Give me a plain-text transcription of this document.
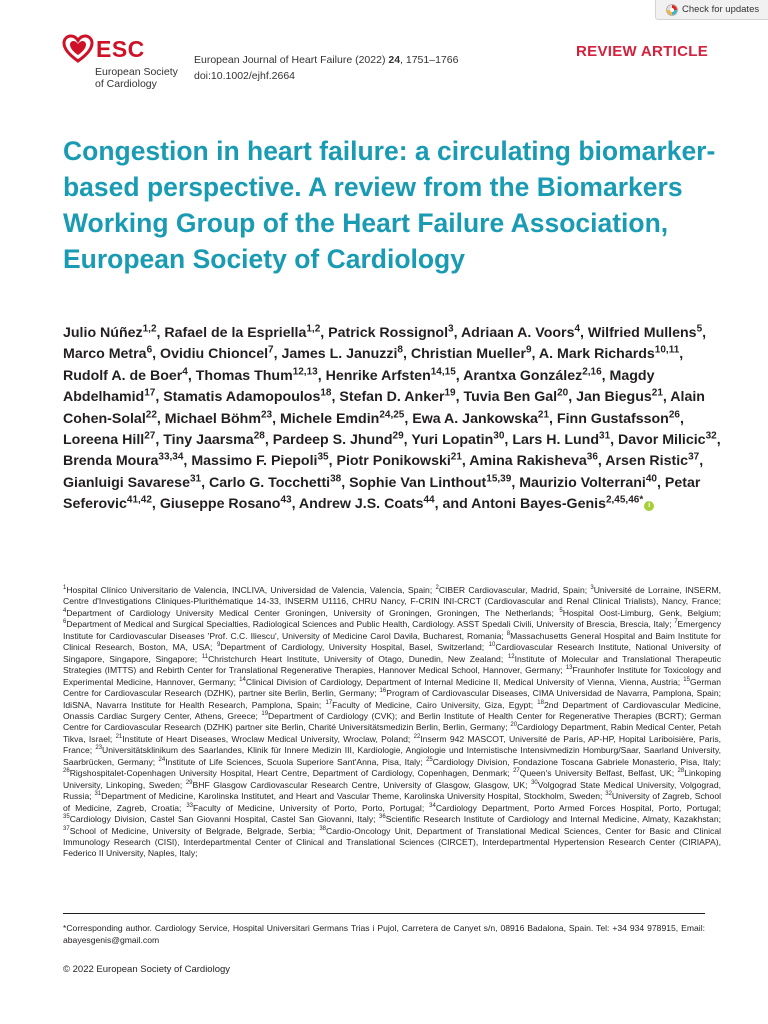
Check for updates
ESC
European Society
of Cardiology
European Journal of Heart Failure (2022) 24, 1751–1766
doi:10.1002/ejhf.2664
REVIEW ARTICLE
Congestion in heart failure: a circulating biomarker-based perspective. A review from the Biomarkers Working Group of the Heart Failure Association, European Society of Cardiology
Julio Núñez$^{1,2}$, Rafael de la Espriella$^{1,2}$, Patrick Rossignol$^3$, Adriaan A. Voors$^4$, Wilfried Mullens$^5$, Marco Metra$^6$, Ovidiu Chioncel$^7$, James L. Januzzi$^8$, Christian Mueller$^9$, A. Mark Richards$^{10,11}$, Rudolf A. de Boer$^4$, Thomas Thum$^{12,13}$, Henrike Arfsten$^{14,15}$, Arantxa González$^{2,16}$, Magdy Abdelhamid$^{17}$, Stamatis Adamopoulos$^{18}$, Stefan D. Anker$^{19}$, Tuvia Ben Gal$^{20}$, Jan Biegus$^{21}$, Alain Cohen-Solal$^{22}$, Michael Böhm$^{23}$, Michele Emdin$^{24,25}$, Ewa A. Jankowska$^{21}$, Finn Gustafsson$^{26}$, Loreena Hill$^{27}$, Tiny Jaarsma$^{28}$, Pardeep S. Jhund$^{29}$, Yuri Lopatin$^{30}$, Lars H. Lund$^{31}$, Davor Milicic$^{32}$, Brenda Moura$^{33,34}$, Massimo F. Piepoli$^{35}$, Piotr Ponikowski$^{21}$, Amina Rakisheva$^{36}$, Arsen Ristic$^{37}$, Gianluigi Savarese$^{31}$, Carlo G. Tocchetti$^{38}$, Sophie Van Linthout$^{15,39}$, Maurizio Volterrani$^{40}$, Petar Seferovic$^{41,42}$, Giuseppe Rosano$^{43}$, Andrew J.S. Coats$^{44}$, and Antoni Bayes-Genis$^{2,45,46*}$i
$^1$Hospital Clínico Universitario de Valencia, INCLIVA, Universidad de Valencia, Valencia, Spain; $^2$CIBER Cardiovascular, Madrid, Spain; $^3$Université de Lorraine, INSERM, Centre d'Investigations Cliniques-Plurithématique 14-33, INSERM U1116, CHRU Nancy, F-CRIN INI-CRCT (Cardiovascular and Renal Clinical Trialists), Nancy, France; $^4$Department of Cardiology University Medical Center Groningen, University of Groningen, Groningen, The Netherlands; $^5$Hospital Oost-Limburg, Genk, Belgium; $^6$Department of Medical and Surgical Specialties, Radiological Sciences and Public Health, Cardiology. ASST Spedali Civili, University of Brescia, Brescia, Italy; $^7$Emergency Institute for Cardiovascular Diseases 'Prof. C.C. Iliescu', University of Medicine Carol Davila, Bucharest, Romania; $^8$Massachusetts General Hospital and Baim Institute for Clinical Research, Boston, MA, USA; $^9$Department of Cardiology, University Hospital, Basel, Switzerland; $^{10}$Cardiovascular Research Institute, National University of Singapore, Singapore, Singapore; $^{11}$Christchurch Heart Institute, University of Otago, Dunedin, New Zealand; $^{12}$Institute of Molecular and Translational Therapeutic Strategies (IMTTS) and Rebirth Center for Translational Regenerative Therapies, Hannover Medical School, Hannover, Germany; $^{13}$Fraunhofer Institute for Toxicology and Experimental Medicine, Hannover, Germany; $^{14}$Clinical Division of Cardiology, Department of Internal Medicine II, Medical University of Vienna, Vienna, Austria; $^{15}$German Centre for Cardiovascular Research (DZHK), partner site Berlin, Berlin, Germany; $^{16}$Program of Cardiovascular Diseases, CIMA Universidad de Navarra, Pamplona, Spain; IdiSNA, Navarra Institute for Health Research, Pamplona, Spain; $^{17}$Faculty of Medicine, Cairo University, Giza, Egypt; $^{18}$2nd Department of Cardiovascular Medicine, Onassis Cardiac Surgery Center, Athens, Greece; $^{19}$Department of Cardiology (CVK); and Berlin Institute of Health Center for Regenerative Therapies (BCRT); German Centre for Cardiovascular Research (DZHK) partner site Berlin, Charité Universitätsmedizin Berlin, Berlin, Germany; $^{20}$Cardiology Department, Rabin Medical Center, Petah Tikva, Israel; $^{21}$Institute of Heart Diseases, Wroclaw Medical University, Wroclaw, Poland; $^{22}$Inserm 942 MASCOT, Université de Paris, AP-HP, Hopital Lariboisière, Paris, France; $^{23}$Universitätsklinikum des Saarlandes, Klinik für Innere Medizin III, Kardiologie, Angiologie und Internistische Intensivmedizin Homburg/Saar, Saarland University, Saarbrücken, Germany; $^{24}$Institute of Life Sciences, Scuola Superiore Sant'Anna, Pisa, Italy; $^{25}$Cardiology Division, Fondazione Toscana Gabriele Monasterio, Pisa, Italy; $^{26}$Rigshospitalet-Copenhagen University Hospital, Heart Centre, Department of Cardiology, Copenhagen, Denmark; $^{27}$Queen's University Belfast, Belfast, UK; $^{28}$Linkoping University, Linkoping, Sweden; $^{29}$BHF Glasgow Cardiovascular Research Centre, University of Glasgow, Glasgow, UK; $^{30}$Volgograd State Medical University, Volgograd, Russia; $^{31}$Department of Medicine, Karolinska Institutet, and Heart and Vascular Theme, Karolinska University Hospital, Stockholm, Sweden; $^{32}$University of Zagreb, School of Medicine, Zagreb, Croatia; $^{33}$Faculty of Medicine, University of Porto, Porto, Portugal; $^{34}$Cardiology Department, Porto Armed Forces Hospital, Porto, Portugal; $^{35}$Cardiology Division, Castel San Giovanni Hospital, Castel San Giovanni, Italy; $^{36}$Scientific Research Institute of Cardiology and Internal Medicine, Almaty, Kazakhstan; $^{37}$School of Medicine, University of Belgrade, Belgrade, Serbia; $^{38}$Cardio-Oncology Unit, Department of Translational Medical Sciences, Center for Basic and Clinical Immunology Research (CISI), Interdepartmental Center of Clinical and Translational Sciences (CIRCET), Interdepartmental Hypertension Research Center (CIRIAPA), Federico II University, Naples, Italy;
*Corresponding author. Cardiology Service, Hospital Universitari Germans Trias i Pujol, Carretera de Canyet s/n, 08916 Badalona, Spain. Tel: +34 934 978915, Email: abayesgenis@gmail.com
© 2022 European Society of Cardiology
